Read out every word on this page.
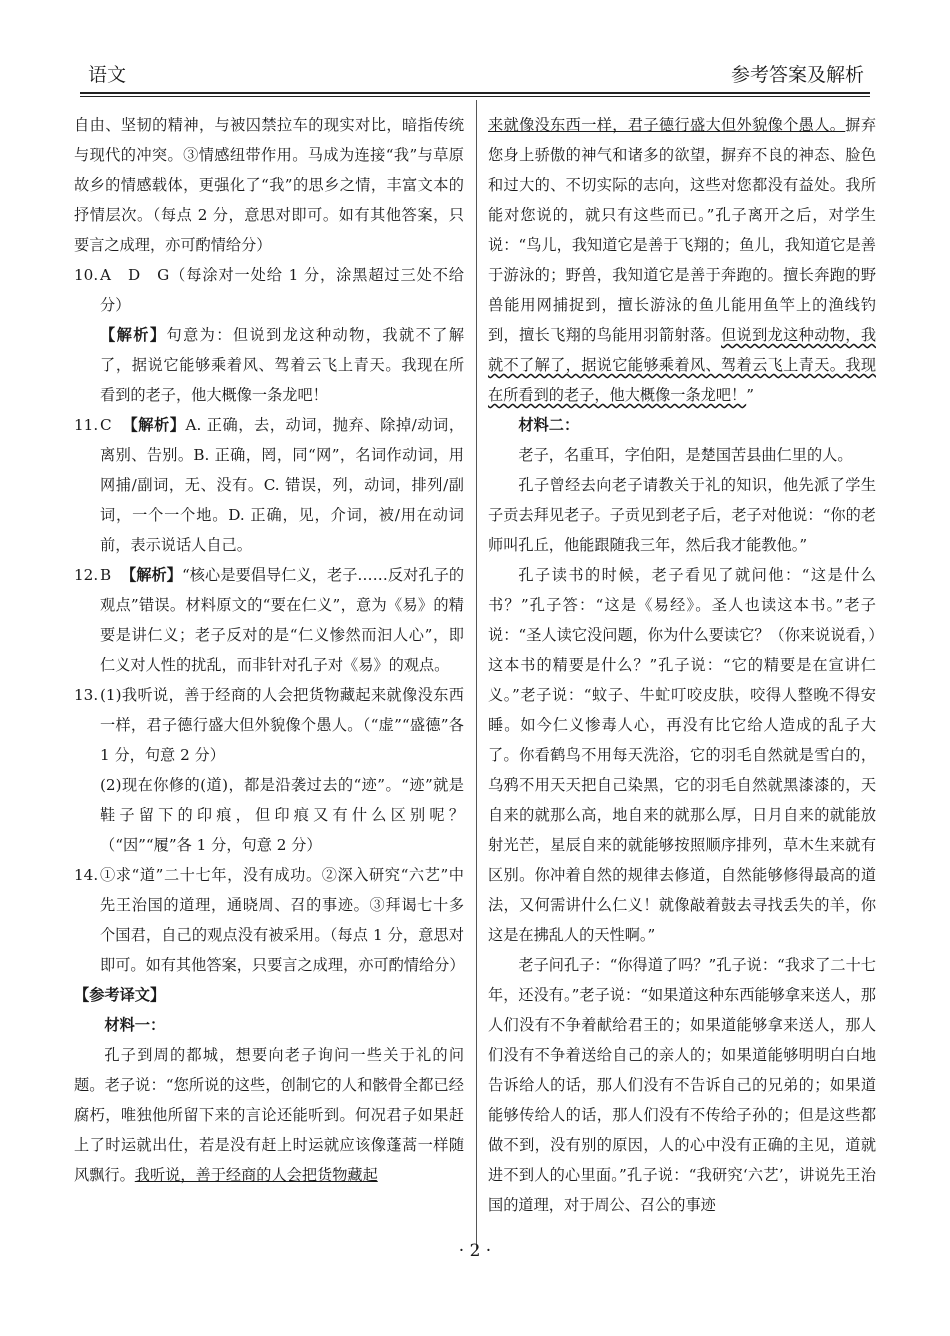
语文	参考答案及解析

自由、坚韧的精神，与被囚禁拉车的现实对比，暗指传统与现代的冲突。③情感纽带作用。马成为连接“我”与草原故乡的情感载体，更强化了“我”的思乡之情，丰富文本的抒情层次。（每点 2 分，意思对即可。如有其他答案，只要言之成理，亦可酌情给分）

10. A　D　G（每涂对一处给 1 分，涂黑超过三处不给分）

【解析】句意为：但说到龙这种动物，我就不了解了，据说它能够乘着风、驾着云飞上青天。我现在所看到的老子，他大概像一条龙吧！

11. C 【解析】A. 正确，去，动词，抛弃、除掉/动词，离别、告别。B. 正确，罔，同“网”，名词作动词，用网捕/副词，无、没有。C. 错误，列，动词，排列/副词，一个一个地。D. 正确，见，介词，被/用在动词前，表示说话人自己。
12. B 【解析】“核心是要倡导仁义，老子……反对孔子的观点”错误。材料原文的“要在仁义”，意为《易》的精要是讲仁义；老子反对的是“仁义惨然而汩人心”，即仁义对人性的扰乱，而非针对孔子对《易》的观点。
13. (1)我听说，善于经商的人会把货物藏起来就像没东西一样，君子德行盛大但外貌像个愚人。（“虚”“盛德”各 1 分，句意 2 分）

(2)现在你修的(道)，都是沿袭过去的“迹”。“迹”就是鞋子留下的印痕，但印痕又有什么区别呢？（“因”“履”各 1 分，句意 2 分）

14. ①求“道”二十七年，没有成功。②深入研究“六艺”中先王治国的道理，通晓周、召的事迹。③拜谒七十多个国君，自己的观点没有被采用。（每点 1 分，意思对即可。如有其他答案，只要言之成理，亦可酌情给分）

【参考译文】

材料一：

孔子到周的都城，想要向老子询问一些关于礼的问题。老子说：“您所说的这些，创制它的人和骸骨全都已经腐朽，唯独他所留下来的言论还能听到。何况君子如果赶上了时运就出仕，若是没有赶上时运就应该像蓬蒿一样随风飘行。我听说，善于经商的人会把货物藏起

来就像没东西一样，君子德行盛大但外貌像个愚人。摒弃您身上骄傲的神气和诸多的欲望，摒弃不良的神态、脸色和过大的、不切实际的志向，这些对您都没有益处。我所能对您说的，就只有这些而已。”孔子离开之后，对学生说：“鸟儿，我知道它是善于飞翔的；鱼儿，我知道它是善于游泳的；野兽，我知道它是善于奔跑的。擅长奔跑的野兽能用网捕捉到，擅长游泳的鱼儿能用鱼竿上的渔线钓到，擅长飞翔的鸟能用羽箭射落。但说到龙这种动物，我就不了解了，据说它能够乘着风、驾着云飞上青天。我现在所看到的老子，他大概像一条龙吧！”

材料二：

老子，名重耳，字伯阳，是楚国苦县曲仁里的人。

孔子曾经去向老子请教关于礼的知识，他先派了学生子贡去拜见老子。子贡见到老子后，老子对他说：“你的老师叫孔丘，他能跟随我三年，然后我才能教他。”

孔子读书的时候，老子看见了就问他：“这是什么书？”孔子答：“这是《易经》。圣人也读这本书。”老子说：“圣人读它没问题，你为什么要读它？（你来说说看，）这本书的精要是什么？”孔子说：“它的精要是在宣讲仁义。”老子说：“蚊子、牛虻叮咬皮肤，咬得人整晚不得安睡。如今仁义惨毒人心，再没有比它给人造成的乱子大了。你看鹤鸟不用每天洗浴，它的羽毛自然就是雪白的，乌鸦不用天天把自己染黑，它的羽毛自然就黑漆漆的，天自来的就那么高，地自来的就那么厚，日月自来的就能放射光芒，星辰自来的就能够按照顺序排列，草木生来就有区别。你冲着自然的规律去修道，自然能够修得最高的道法，又何需讲什么仁义！就像敲着鼓去寻找丢失的羊，你这是在拂乱人的天性啊。”

老子问孔子：“你得道了吗？”孔子说：“我求了二十七年，还没有。”老子说：“如果道这种东西能够拿来送人，那人们没有不争着献给君王的；如果道能够拿来送人，那人们没有不争着送给自己的亲人的；如果道能够明明白白地告诉给人的话，那人们没有不告诉自己的兄弟的；如果道能够传给人的话，那人们没有不传给子孙的；但是这些都做不到，没有别的原因，人的心中没有正确的主见，道就进不到人的心里面。”孔子说：“我研究‘六艺’，讲说先王治国的道理，对于周公、召公的事迹

· 2 ·
